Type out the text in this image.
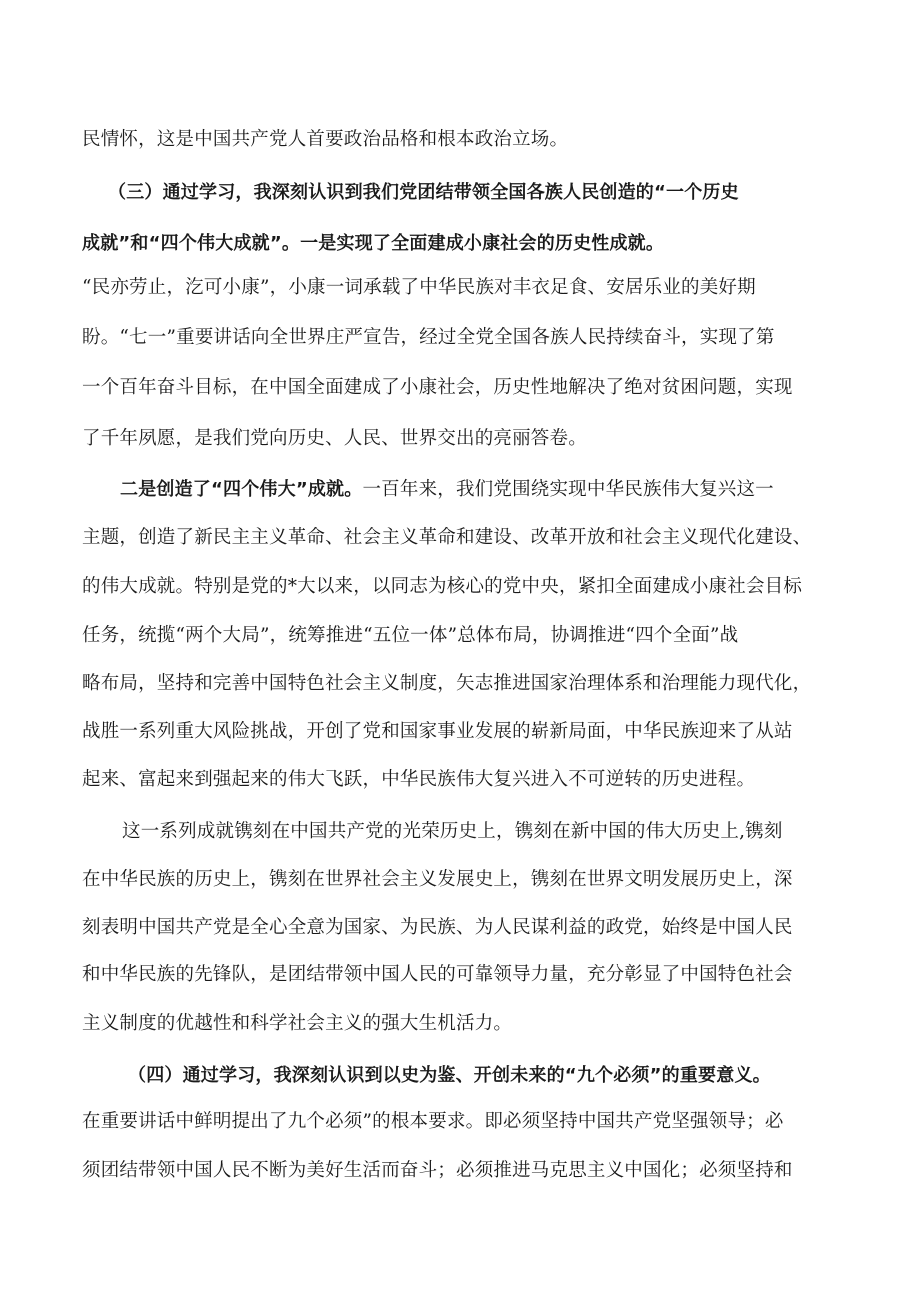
民情怀，这是中国共产党人首要政治品格和根本政治立场。
（三）通过学习，我深刻认识到我们党团结带领全国各族人民创造的“一个历史
成就”和“四个伟大成就”。一是实现了全面建成小康社会的历史性成就。
“民亦劳止，汔可小康”，小康一词承载了中华民族对丰衣足食、安居乐业的美好期
盼。“七一”重要讲话向全世界庄严宣告，经过全党全国各族人民持续奋斗，实现了第
一个百年奋斗目标，在中国全面建成了小康社会，历史性地解决了绝对贫困问题，实现
了千年夙愿，是我们党向历史、人民、世界交出的亮丽答卷。
二是创造了“四个伟大”成就。一百年来，我们党围绕实现中华民族伟大复兴这一
主题，创造了新民主主义革命、社会主义革命和建设、改革开放和社会主义现代化建设、
的伟大成就。特别是党的*大以来，以同志为核心的党中央，紧扣全面建成小康社会目标
任务，统揽“两个大局”，统筹推进“五位一体”总体布局，协调推进“四个全面”战
略布局，坚持和完善中国特色社会主义制度，矢志推进国家治理体系和治理能力现代化，
战胜一系列重大风险挑战，开创了党和国家事业发展的崭新局面，中华民族迎来了从站
起来、富起来到强起来的伟大飞跃，中华民族伟大复兴进入不可逆转的历史进程。
这一系列成就镌刻在中国共产党的光荣历史上，镌刻在新中国的伟大历史上,镌刻
在中华民族的历史上，镌刻在世界社会主义发展史上，镌刻在世界文明发展历史上，深
刻表明中国共产党是全心全意为国家、为民族、为人民谋利益的政党，始终是中国人民
和中华民族的先锋队，是团结带领中国人民的可靠领导力量，充分彰显了中国特色社会
主义制度的优越性和科学社会主义的强大生机活力。
（四）通过学习，我深刻认识到以史为鉴、开创未来的“九个必须”的重要意义。
在重要讲话中鲜明提出了九个必须”的根本要求。即必须坚持中国共产党坚强领导；必
须团结带领中国人民不断为美好生活而奋斗；必须推进马克思主义中国化；必须坚持和
